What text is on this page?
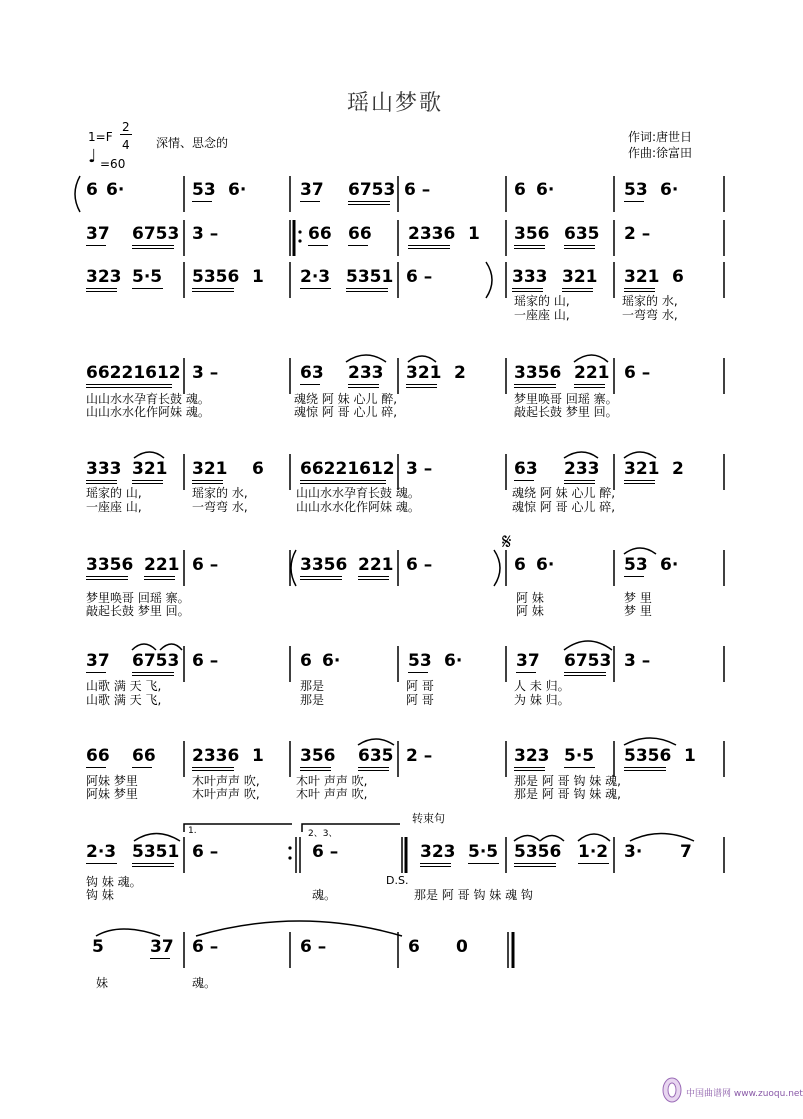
瑶山梦歌
1=F
2
4 深情、思念的
♩ =60
作词:唐世日
作曲:徐富田
6 6·	53 6·	37 6753 6 –	6 6·	53 6·
37 6753 3 –	66 66 2336 1 356 635 2 –
323 5·5 5356 1 2·3 5351 6 –	333 321 321 6
66221612 3 –	63 233 321 2	3356 221 6 –
333 321 321 6 66221612 3 –	63 233 321 2
3356 221 6 –	3356 221 6 –	6 6·	53 6·
37 6753 6 –	6 6·	53 6·	37 6753 3 –
66 66 2336 1 356 635 2 –	323 5·5 5356 1
2·3 5351 6 –	6 –	323 5·5 5356 1·2 3· 7
5	37 6 –	6 –	6 0
瑶家的 山,	瑶家的 水,
一座座 山,	一弯弯 水,
山山水水孕育长鼓 魂。
山山水水化作阿妹 魂。
魂绕 阿 妹 心儿 醉,
魂惊 阿 哥 心儿 碎,
梦里唤哥 回瑶 寨。
敲起长鼓 梦里 回。
瑶家的 山,	瑶家的 水,
一座座 山,	一弯弯 水,
山山水水孕育长鼓 魂。
山山水水化作阿妹 魂。
魂绕 阿 妹 心儿 醉,
魂惊 阿 哥 心儿 碎,
梦里唤哥 回瑶 寨。
敲起长鼓 梦里 回。
阿 妹	梦 里
阿 妹	梦 里
山歌 满 天 飞,
山歌 满 天 飞,
那是
那是
阿 哥
阿 哥
人 未 归。
为 妹 归。
阿妹 梦里	木叶声声 吹,
阿妹 梦里	木叶声声 吹,
木叶 声声 吹,
木叶 声声 吹,
那是 阿 哥 钩 妹 魂,
那是 阿 哥 钩 妹 魂,
钩 妹 魂。
钩 妹	魂。	那是 阿 哥 钩 妹 魂 钩
妹	魂。
1.	2、3、
D.S.
转束句
𝄋
中国曲谱网 www.zuoqu.net
